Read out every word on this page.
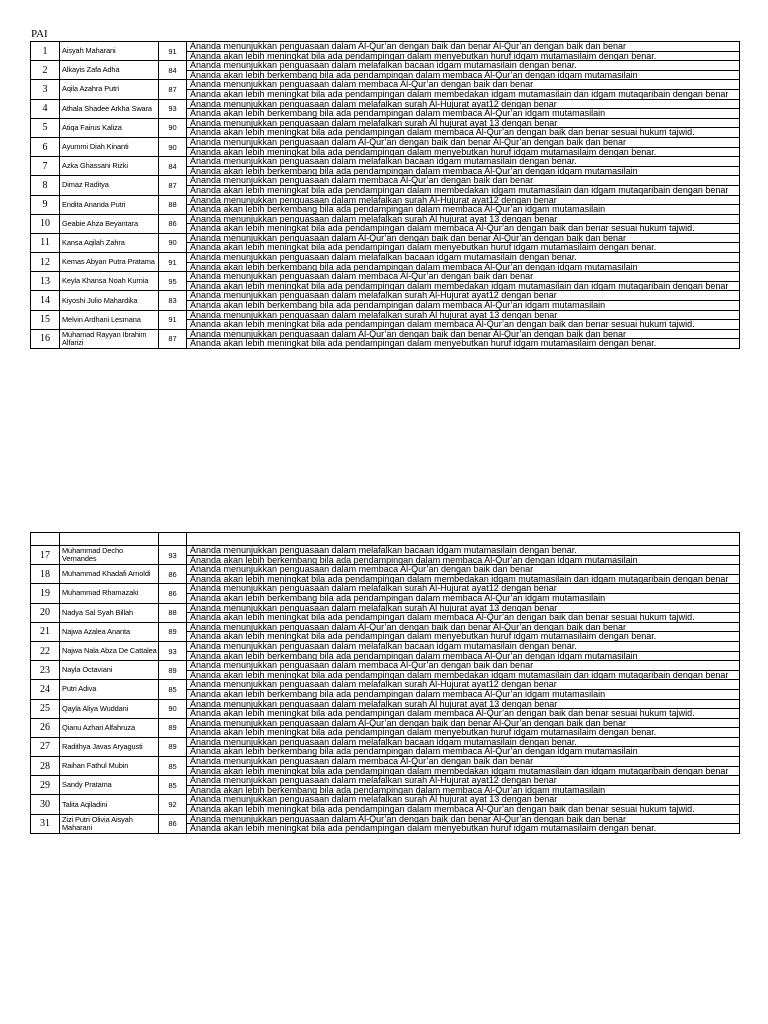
PAI
1	Aisyah Maharani	91	Ananda menunjukkan penguasaan dalam Al-Qur’an dengan baik dan benar Al-Qur’an dengan baik dan benar
Ananda akan lebih meningkat bila ada pendampingan dalam menyebutkan huruf idgam mutamasilaim dengan benar.

2	Alkayis Zafa Adha	84	Ananda menunjukkan penguasaan dalam melafalkan bacaan idgam mutamasilain dengan benar.
Ananda akan lebih berkembang bila ada pendampingan dalam membaca Al-Qur’an dengan idgam mutamasilain

3	Aqila Azahra Putri	87	Ananda menunjukkan penguasaan dalam membaca Al-Qur’an dengan baik dan benar
Ananda akan lebih meningkat bila ada pendampingan dalam membedakan idgam mutamasilain dan idgam mutaqaribain dengan benar

4	Athala Shadee Arkha Swara	93	Ananda menunjukkan penguasaan dalam melafalkan surah Al-Hujurat ayat12 dengan benar
Ananda akan lebih berkembang bila ada pendampingan dalam membaca Al-Qur’an idgam mutamasilain

5	Atiqa Fairus Kaliza	90	Ananda menunjukkan penguasaan dalam melafalkan surah Al hujurat ayat 13 dengan benar
Ananda akan lebih meningkat bila ada pendampingan dalam membaca Al-Qur’an dengan baik dan benar sesuai hukum tajwid.

6	Ayummi Diah Kinanti	90	Ananda menunjukkan penguasaan dalam Al-Qur’an dengan baik dan benar Al-Qur’an dengan baik dan benar
Ananda akan lebih meningkat bila ada pendampingan dalam menyebutkan huruf idgam mutamasilaim dengan benar.

7	Azka Ghassani Rizki	84	Ananda menunjukkan penguasaan dalam melafalkan bacaan idgam mutamasilain dengan benar.
Ananda akan lebih berkembang bila ada pendampingan dalam membaca Al-Qur’an dengan idgam mutamasilain

8	Dimaz Raditya	87	Ananda menunjukkan penguasaan dalam membaca Al-Qur’an dengan baik dan benar
Ananda akan lebih meningkat bila ada pendampingan dalam membedakan idgam mutamasilain dan idgam mutaqaribain dengan benar

9	Endita Ananda Putri	88	Ananda menunjukkan penguasaan dalam melafalkan surah Al-Hujurat ayat12 dengan benar
Ananda akan lebih berkembang bila ada pendampingan dalam membaca Al-Qur’an idgam mutamasilain

10	Geabie Ahza Beyantara	86	Ananda menunjukkan penguasaan dalam melafalkan surah Al hujurat ayat 13 dengan benar
Ananda akan lebih meningkat bila ada pendampingan dalam membaca Al-Qur’an dengan baik dan benar sesuai hukum tajwid.

11	Kansa Aqilah Zahra	90	Ananda menunjukkan penguasaan dalam Al-Qur’an dengan baik dan benar Al-Qur’an dengan baik dan benar
Ananda akan lebih meningkat bila ada pendampingan dalam menyebutkan huruf idgam mutamasilaim dengan benar.

12	Kemas Abyan Putra Pratama	91	Ananda menunjukkan penguasaan dalam melafalkan bacaan idgam mutamasilain dengan benar.
Ananda akan lebih berkembang bila ada pendampingan dalam membaca Al-Qur’an dengan idgam mutamasilain

13	Keyla Khansa Noah Kurnia	95	Ananda menunjukkan penguasaan dalam membaca Al-Qur’an dengan baik dan benar
Ananda akan lebih meningkat bila ada pendampingan dalam membedakan idgam mutamasilain dan idgam mutaqaribain dengan benar

14	Kiyoshi Julio Mahardika	83	Ananda menunjukkan penguasaan dalam melafalkan surah Al-Hujurat ayat12 dengan benar
Ananda akan lebih berkembang bila ada pendampingan dalam membaca Al-Qur’an idgam mutamasilain

15	Melvin Ardhani Lesmana	91	Ananda menunjukkan penguasaan dalam melafalkan surah Al hujurat ayat 13 dengan benar
Ananda akan lebih meningkat bila ada pendampingan dalam membaca Al-Qur’an dengan baik dan benar sesuai hukum tajwid.

16	Muhamad Rayyan Ibrahim Alfarizi	87	Ananda menunjukkan penguasaan dalam Al-Qur’an dengan baik dan benar Al-Qur’an dengan baik dan benar
Ananda akan lebih meningkat bila ada pendampingan dalam menyebutkan huruf idgam mutamasilaim dengan benar.

17	Muhammad Decho Vernandes	93	Ananda menunjukkan penguasaan dalam melafalkan bacaan idgam mutamasilain dengan benar.
Ananda akan lebih berkembang bila ada pendampingan dalam membaca Al-Qur’an dengan idgam mutamasilain

18	Muhammad Khadafi Arnoldi	86	Ananda menunjukkan penguasaan dalam membaca Al-Qur’an dengan baik dan benar
Ananda akan lebih meningkat bila ada pendampingan dalam membedakan idgam mutamasilain dan idgam mutaqaribain dengan benar

19	Muhammad Rhamazaki	86	Ananda menunjukkan penguasaan dalam melafalkan surah Al-Hujurat ayat12 dengan benar
Ananda akan lebih berkembang bila ada pendampingan dalam membaca Al-Qur’an idgam mutamasilain

20	Nadya Sal Syah Billah	88	Ananda menunjukkan penguasaan dalam melafalkan surah Al hujurat ayat 13 dengan benar
Ananda akan lebih meningkat bila ada pendampingan dalam membaca Al-Qur’an dengan baik dan benar sesuai hukum tajwid.

21	Najwa Azalea Ananta	89	Ananda menunjukkan penguasaan dalam Al-Qur’an dengan baik dan benar Al-Qur’an dengan baik dan benar
Ananda akan lebih meningkat bila ada pendampingan dalam menyebutkan huruf idgam mutamasilaim dengan benar.

22	Najwa Nala Abza De Cattalea	93	Ananda menunjukkan penguasaan dalam melafalkan bacaan idgam mutamasilain dengan benar.
Ananda akan lebih berkembang bila ada pendampingan dalam membaca Al-Qur’an dengan idgam mutamasilain

23	Nayla Octaviani	89	Ananda menunjukkan penguasaan dalam membaca Al-Qur’an dengan baik dan benar
Ananda akan lebih meningkat bila ada pendampingan dalam membedakan idgam mutamasilain dan idgam mutaqaribain dengan benar

24	Putri Adiva	85	Ananda menunjukkan penguasaan dalam melafalkan surah Al-Hujurat ayat12 dengan benar
Ananda akan lebih berkembang bila ada pendampingan dalam membaca Al-Qur’an idgam mutamasilain

25	Qayla Aliya Wuddani	90	Ananda menunjukkan penguasaan dalam melafalkan surah Al hujurat ayat 13 dengan benar
Ananda akan lebih meningkat bila ada pendampingan dalam membaca Al-Qur’an dengan baik dan benar sesuai hukum tajwid.

26	Qianu Azhari Alfahruza	89	Ananda menunjukkan penguasaan dalam Al-Qur’an dengan baik dan benar Al-Qur’an dengan baik dan benar
Ananda akan lebih meningkat bila ada pendampingan dalam menyebutkan huruf idgam mutamasilaim dengan benar.

27	Radithya Javas Aryagusti	89	Ananda menunjukkan penguasaan dalam melafalkan bacaan idgam mutamasilain dengan benar.
Ananda akan lebih berkembang bila ada pendampingan dalam membaca Al-Qur’an dengan idgam mutamasilain

28	Raihan Fathul Mubin	85	Ananda menunjukkan penguasaan dalam membaca Al-Qur’an dengan baik dan benar
Ananda akan lebih meningkat bila ada pendampingan dalam membedakan idgam mutamasilain dan idgam mutaqaribain dengan benar

29	Sandy Pratama	85	Ananda menunjukkan penguasaan dalam melafalkan surah Al-Hujurat ayat12 dengan benar
Ananda akan lebih berkembang bila ada pendampingan dalam membaca Al-Qur’an idgam mutamasilain

30	Talita Aqiladini	92	Ananda menunjukkan penguasaan dalam melafalkan surah Al hujurat ayat 13 dengan benar
Ananda akan lebih meningkat bila ada pendampingan dalam membaca Al-Qur’an dengan baik dan benar sesuai hukum tajwid.

31	Zizi Putri Olivia Aisyah Maharani	86	Ananda menunjukkan penguasaan dalam Al-Qur’an dengan baik dan benar Al-Qur’an dengan baik dan benar
Ananda akan lebih meningkat bila ada pendampingan dalam menyebutkan huruf idgam mutamasilaim dengan benar.
